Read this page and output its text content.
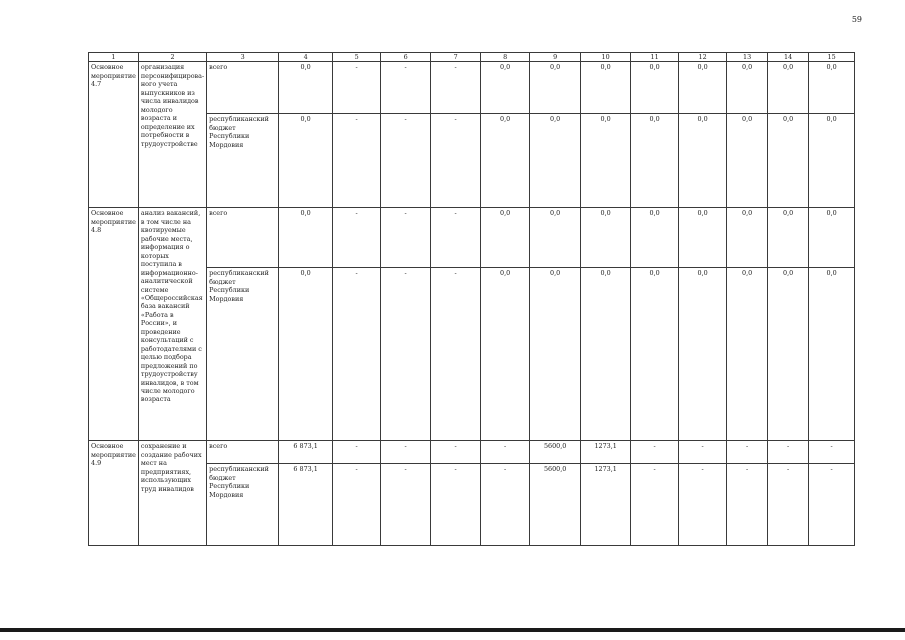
59
1	2	3	4	5	6	7	8	9	10	11	12	13	14	15
Основное мероприятие 4.7	организация персонифицирова-ного учета выпускников из числа инвалидов молодого возраста и определение их потребности в трудоустройстве	всего	0,0	-	-	-	0,0	0,0	0,0	0,0	0,0	0,0	0,0	0,0
		республиканский бюджет Республики Мордовия	0,0	-	-	-	0,0	0,0	0,0	0,0	0,0	0,0	0,0	0,0
Основное мероприятие 4.8	анализ вакансий, в том числе на квотируемые рабочие места, информация о которых поступила в информационно-аналитической системе «Общероссийская база вакансий «Работа в России», и проведение консультаций с работодателями с целью подбора предложений по трудоустройству инвалидов, в том числе молодого возраста	всего	0,0	-	-	-	0,0	0,0	0,0	0,0	0,0	0,0	0,0	0,0
		республиканский бюджет Республики Мордовия	0,0	-	-	-	0,0	0,0	0,0	0,0	0,0	0,0	0,0	0,0
Основное мероприятие 4.9	сохранение и создание рабочих мест на предприятиях, использующих труд инвалидов	всего	6 873,1	-	-	-	-	5600,0	1273,1	-	-	-	-	-
		республиканский бюджет Республики Мордовия	6 873,1	-	-	-	-	5600,0	1273,1	-	-	-	-	-
